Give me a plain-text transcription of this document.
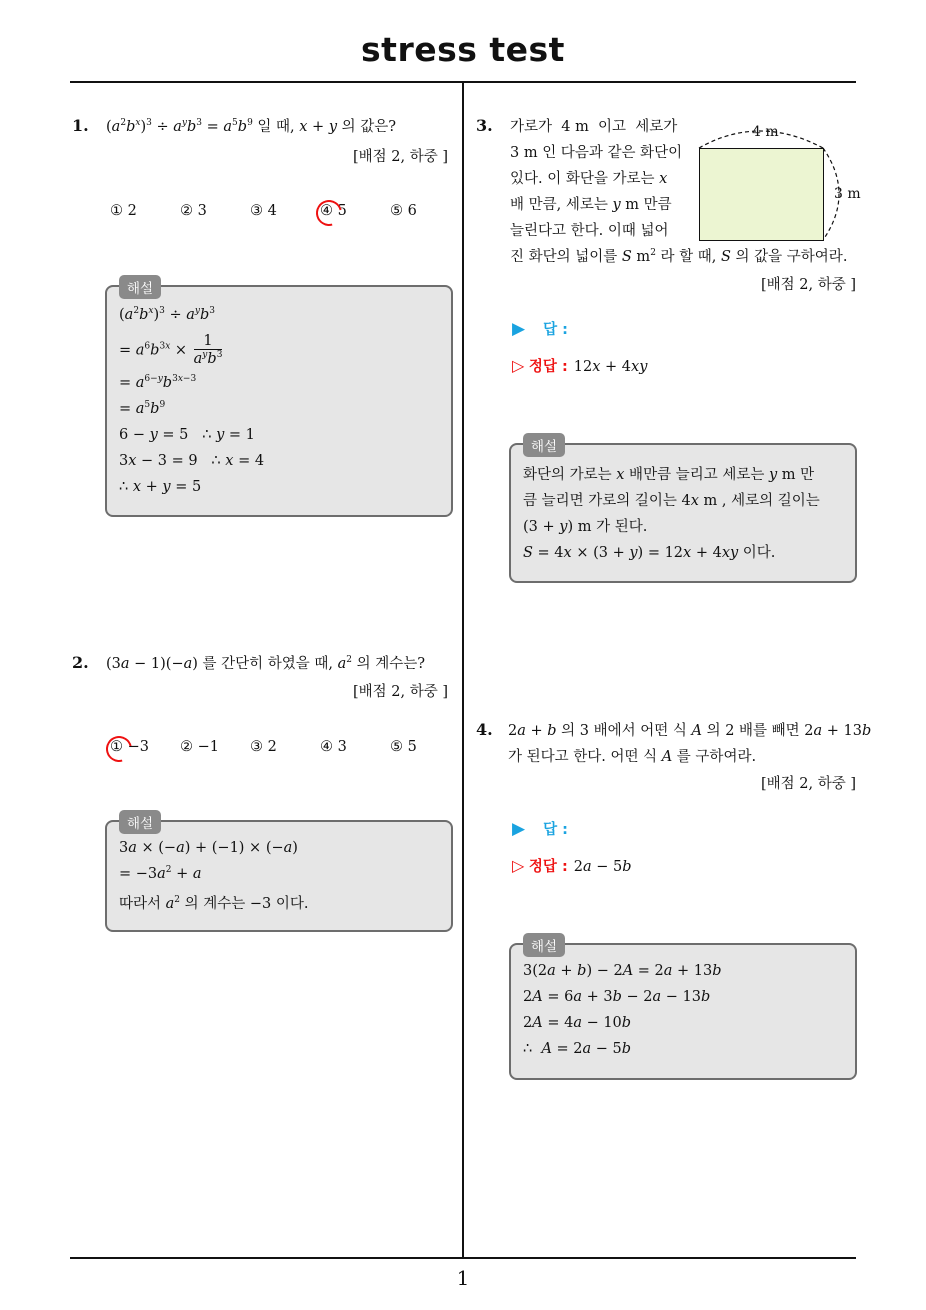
stress test
1
1. $(a^2b^x)^3 \div a^yb^3 = a^5b^9$ 일 때, x + y 의 값은?
[배점 2, 하중 ]
① 2	② 3	③ 4	④ 5	⑤ 6
해설
$(a^2b^x)^3 \div a^yb^3$
= $a^6b^{3x} \times \frac{1}{a^yb^3}$
= $a^{6-y}b^{3x-3}$
= $a^5b^9$
6 − y = 5   ∴ y = 1
3x − 3 = 9   ∴ x = 4
∴ x + y = 5
2. (3a − 1)(−a) 를 간단히 하였을 때, $a^2$ 의 계수는?
[배점 2, 하중 ]
① −3 ② −1 ③ 2	④ 3	⑤ 5
해설
3a × (−a) + (−1) × (−a)
= $-3a^2 + a$
따라서 $a^2$ 의 계수는 −3 이다.
3. 가로가  4 m  이고  세로가
3 m 인 다음과 같은 화단이
있다. 이 화단을 가로는 x
배 만큼, 세로는 y m 만큼
늘린다고 한다. 이때 넓어
진 화단의 넓이를 S $m^2$ 라 할 때, S 의 값을 구하여라.
4 m
3 m
[배점 2, 하중 ]
▶ 답 :
▷ 정답 : 12x + 4xy
해설
화단의 가로는 x 배만큼 늘리고 세로는 y m 만
큼 늘리면 가로의 길이는 4x m , 세로의 길이는
(3 + y) m 가 된다.
S = 4x × (3 + y) = 12x + 4xy 이다.
4. 2a + b 의 3 배에서 어떤 식 A 의 2 배를 빼면 2a + 13b
가 된다고 한다. 어떤 식 A 를 구하여라.
[배점 2, 하중 ]
▶ 답 :
▷ 정답 : 2a − 5b
해설
3(2a + b) − 2A = 2a + 13b
2A = 6a + 3b − 2a − 13b
2A = 4a − 10b
∴  A = 2a − 5b
